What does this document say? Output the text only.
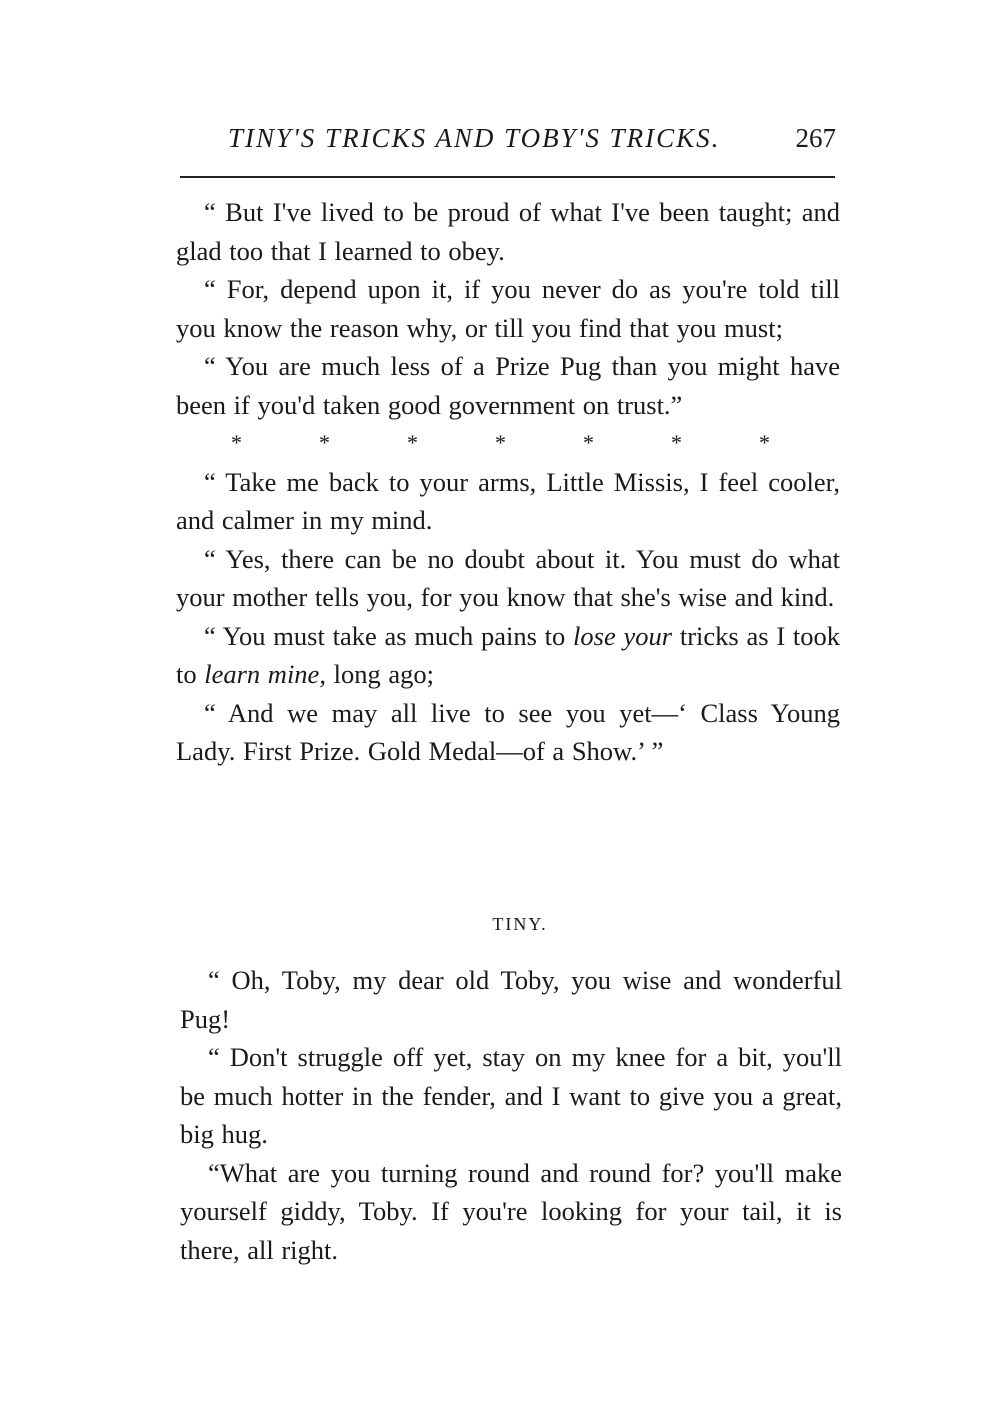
TINY'S TRICKS AND TOBY'S TRICKS.	267

“ But I've lived to be proud of what I've been taught; and glad too that I learned to obey.

“ For, depend upon it, if you never do as you're told till you know the reason why, or till you find that you must;

“ You are much less of a Prize Pug than you might have been if you'd taken good government on trust.”

*	*	*	*	*	*	*

“ Take me back to your arms, Little Missis, I feel cooler, and calmer in my mind.

“ Yes, there can be no doubt about it. You must do what your mother tells you, for you know that she's wise and kind.

“ You must take as much pains to lose your tricks as I took to learn mine, long ago;

“ And we may all live to see you yet—‘ Class Young Lady. First Prize. Gold Medal—of a Show.’ ”

TINY.

“ Oh, Toby, my dear old Toby, you wise and wonderful Pug!

“ Don't struggle off yet, stay on my knee for a bit, you'll be much hotter in the fender, and I want to give you a great, big hug.

“What are you turning round and round for? you'll make yourself giddy, Toby. If you're looking for your tail, it is there, all right.
